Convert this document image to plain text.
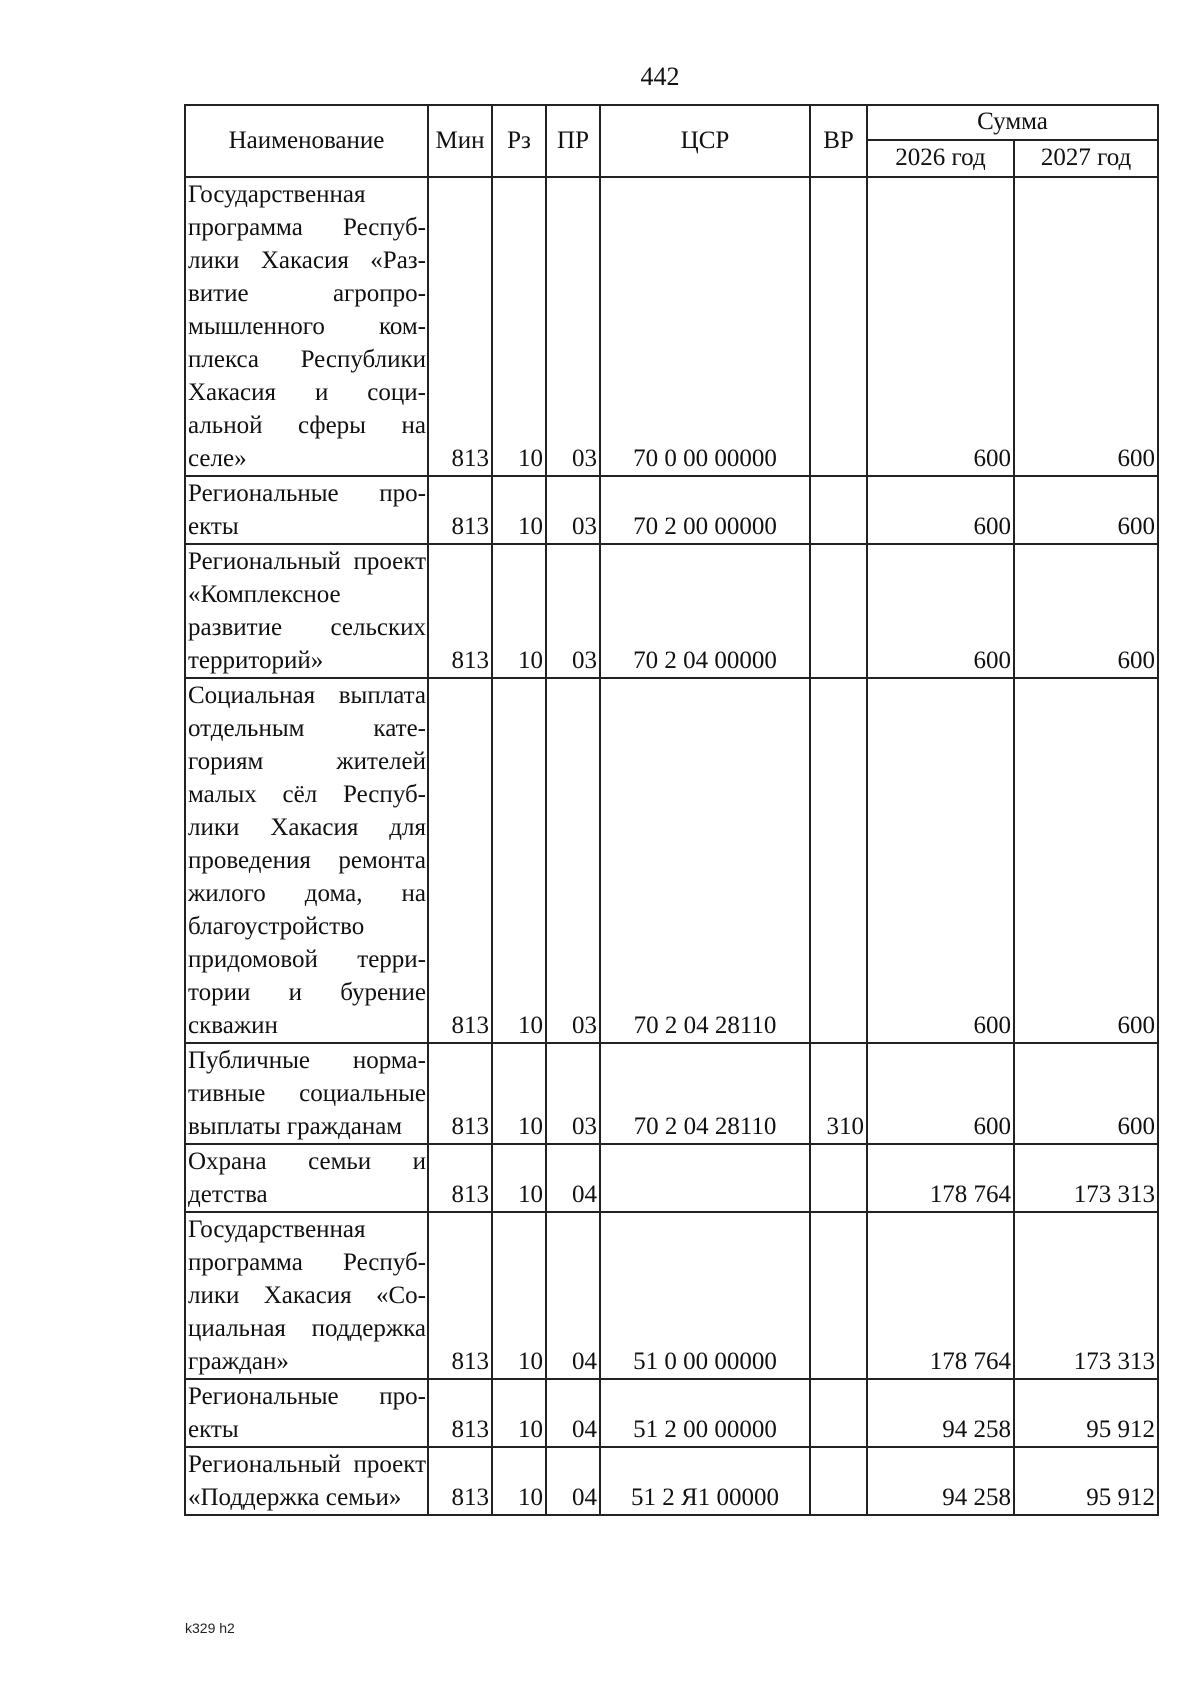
442
Наименование	Мин	Рз	ПР	ЦСР	ВР	Сумма	
						2026 год	2027 год
Государственная программа Республики Хакасия «Развитие агропромышленного комплекса Республики Хакасия и социальной сферы на селе»	813	10	03	70 0 00 00000		600	600
Региональные проекты	813	10	03	70 2 00 00000		600	600
Региональный проект «Комплексное развитие сельских территорий»	813	10	03	70 2 04 00000		600	600
Социальная выплата отдельным категориям жителей малых сёл Республики Хакасия для проведения ремонта жилого дома, на благоустройство придомовой территории и бурение скважин	813	10	03	70 2 04 28110		600	600
Публичные нормативные социальные выплаты гражданам	813	10	03	70 2 04 28110	310	600	600
Охрана семьи и детства	813	10	04			178 764	173 313
Государственная программа Республики Хакасия «Социальная поддержка граждан»	813	10	04	51 0 00 00000		178 764	173 313
Региональные проекты	813	10	04	51 2 00 00000		94 258	95 912
Региональный проект «Поддержка семьи»	813	10	04	51 2 Я1 00000		94 258	95 912
k329 h2
